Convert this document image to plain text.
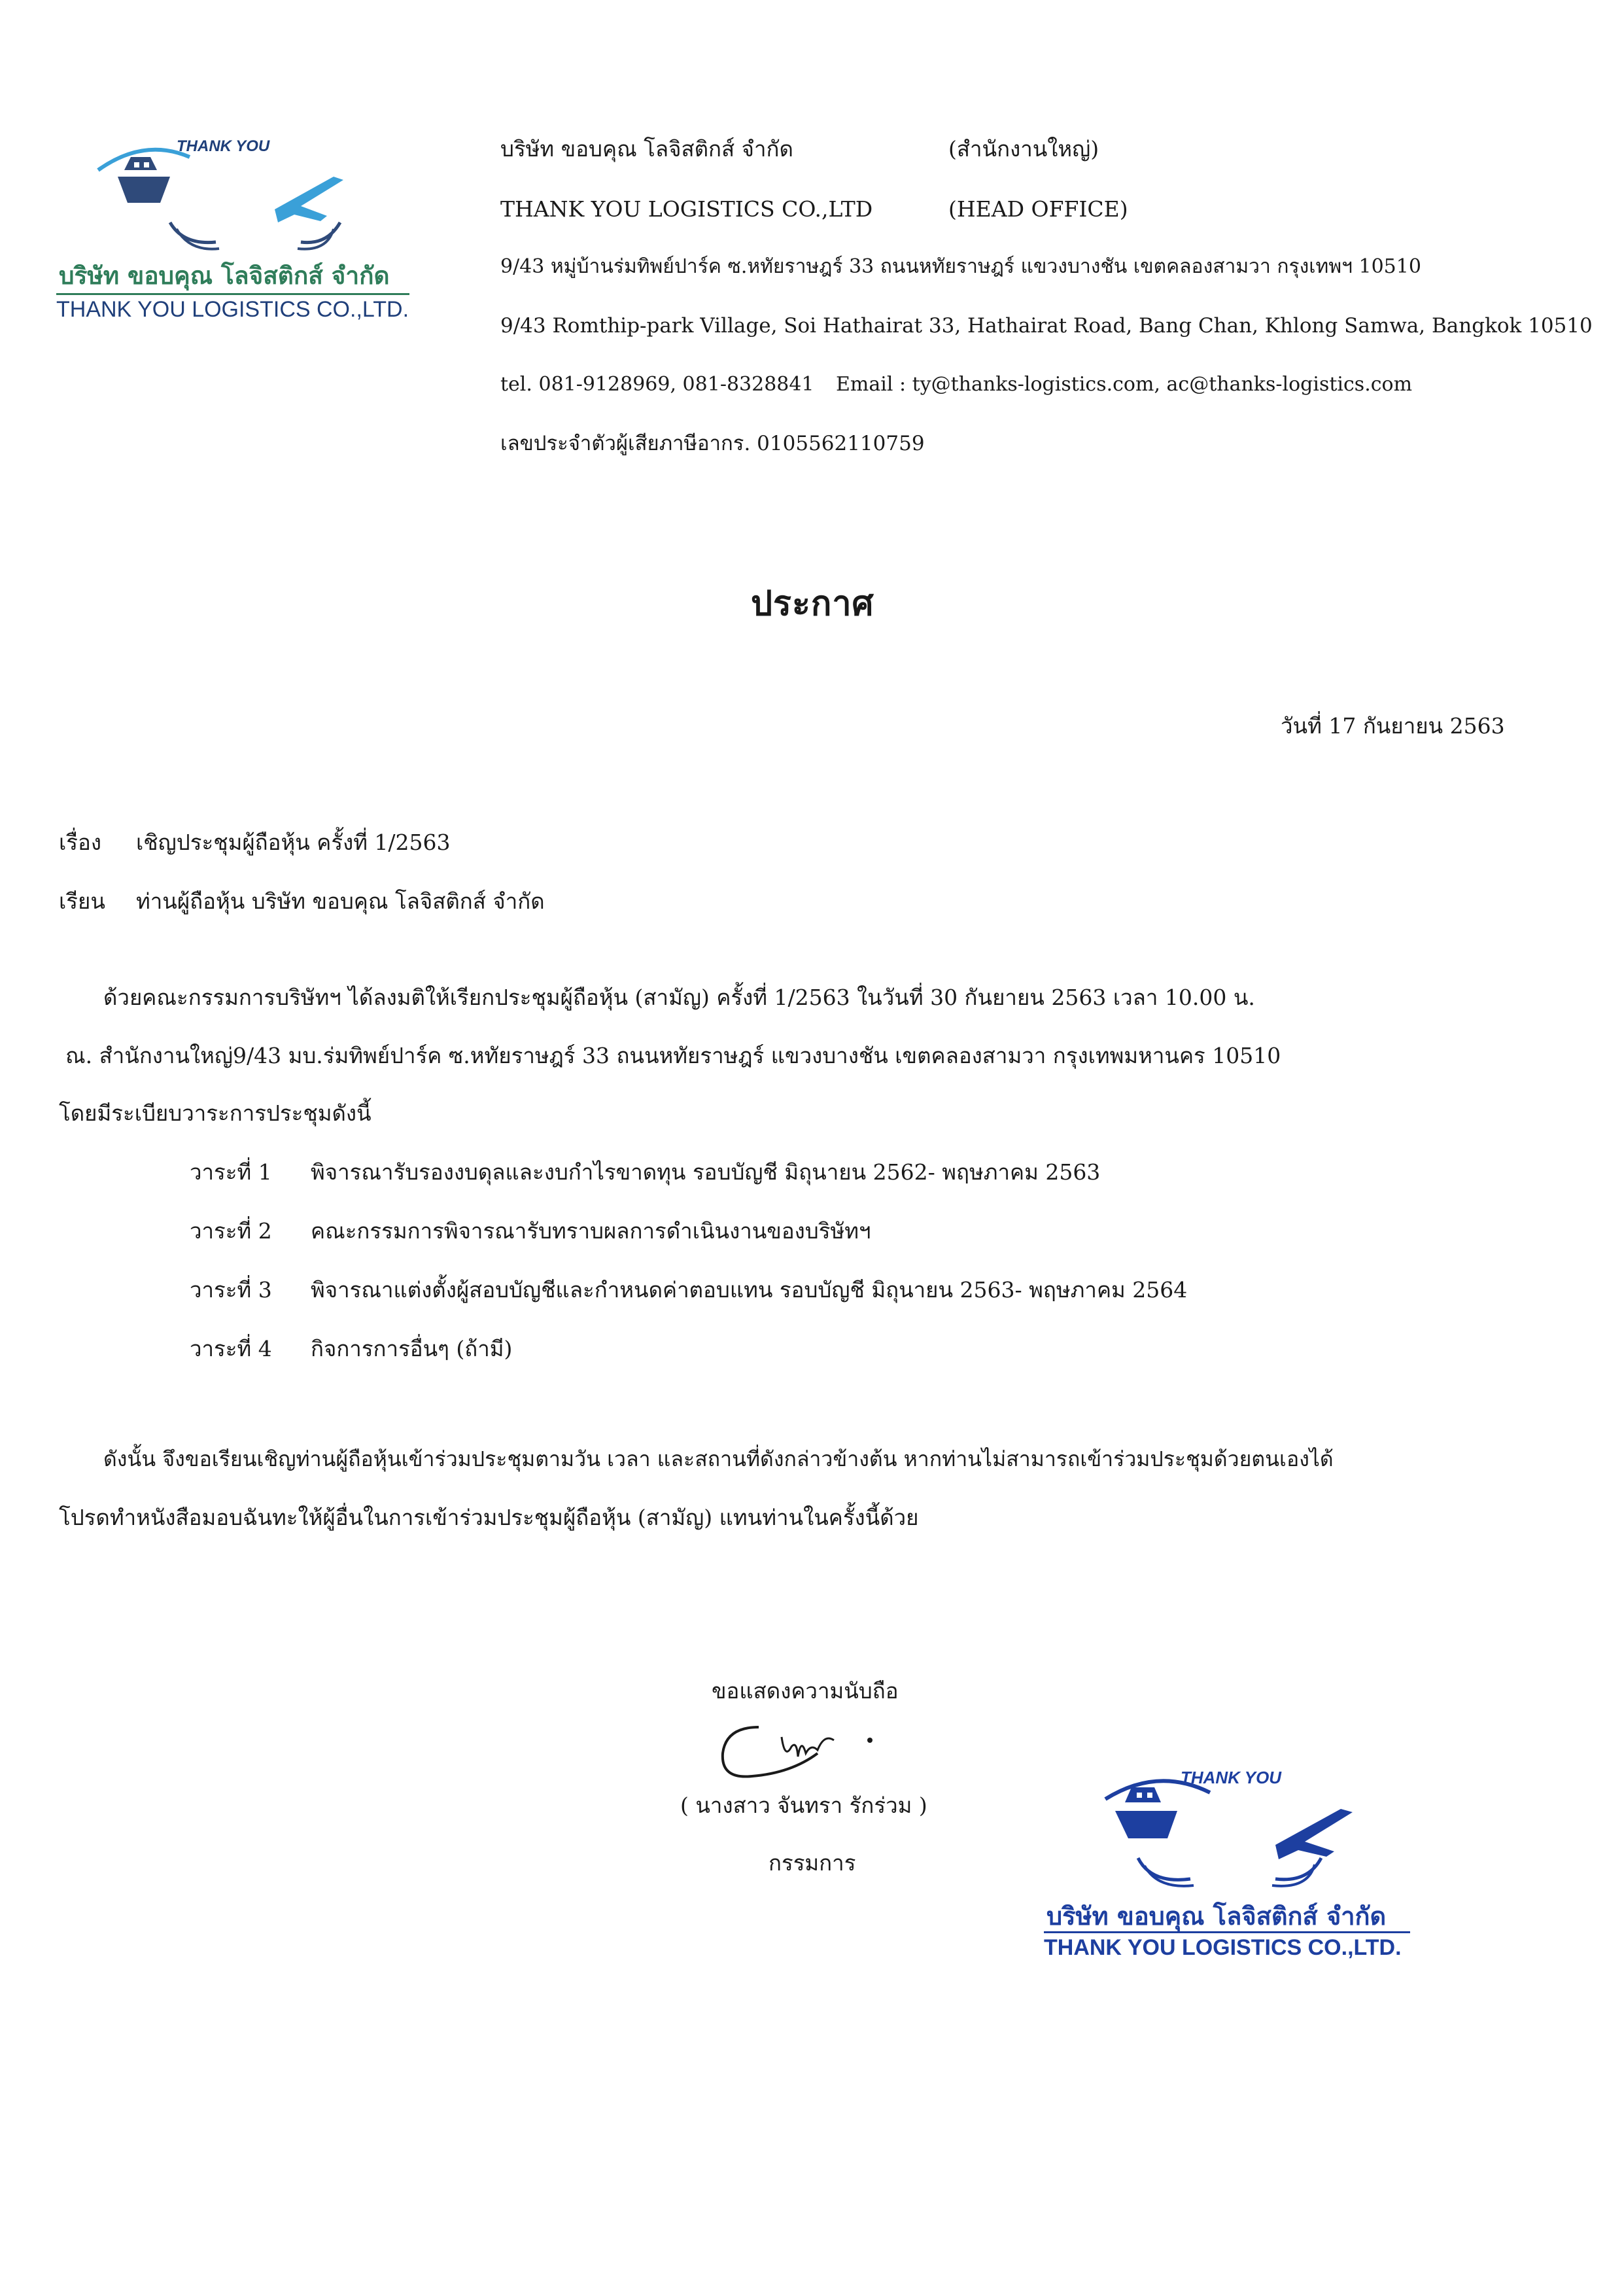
THANK YOU
บริษัท ขอบคุณ โลจิสติกส์ จำกัด
THANK YOU LOGISTICS CO.,LTD.
บริษัท ขอบคุณ โลจิสติกส์ จำกัด	(สำนักงานใหญ่)
THANK YOU LOGISTICS CO.,LTD	(HEAD OFFICE)
9/43 หมู่บ้านร่มทิพย์ปาร์ค ซ.หทัยราษฎร์ 33 ถนนหทัยราษฎร์ แขวงบางชัน เขตคลองสามวา กรุงเทพฯ 10510
9/43 Romthip-park Village, Soi Hathairat 33, Hathairat Road, Bang Chan, Khlong Samwa, Bangkok 10510
tel. 081-9128969, 081-8328841 Email : ty@thanks-logistics.com, ac@thanks-logistics.com
เลขประจำตัวผู้เสียภาษีอากร. 0105562110759
ประกาศ
วันที่ 17 กันยายน 2563
เรื่อง เชิญประชุมผู้ถือหุ้น ครั้งที่ 1/2563
เรียน ท่านผู้ถือหุ้น บริษัท ขอบคุณ โลจิสติกส์ จำกัด
ด้วยคณะกรรมการบริษัทฯ ได้ลงมติให้เรียกประชุมผู้ถือหุ้น (สามัญ) ครั้งที่ 1/2563 ในวันที่ 30 กันยายน 2563 เวลา 10.00 น.
ณ. สำนักงานใหญ่9/43 มบ.ร่มทิพย์ปาร์ค ซ.หทัยราษฎร์ 33 ถนนหทัยราษฎร์ แขวงบางชัน เขตคลองสามวา กรุงเทพมหานคร 10510
โดยมีระเบียบวาระการประชุมดังนี้
วาระที่ 1 พิจารณารับรองงบดุลและงบกำไรขาดทุน รอบบัญชี มิถุนายน 2562- พฤษภาคม 2563
วาระที่ 2 คณะกรรมการพิจารณารับทราบผลการดำเนินงานของบริษัทฯ
วาระที่ 3 พิจารณาแต่งตั้งผู้สอบบัญชีและกำหนดค่าตอบแทน รอบบัญชี มิถุนายน 2563- พฤษภาคม 2564
วาระที่ 4 กิจการการอื่นๆ (ถ้ามี)
ดังนั้น จึงขอเรียนเชิญท่านผู้ถือหุ้นเข้าร่วมประชุมตามวัน เวลา และสถานที่ดังกล่าวข้างต้น หากท่านไม่สามารถเข้าร่วมประชุมด้วยตนเองได้
โปรดทำหนังสือมอบฉันทะให้ผู้อื่นในการเข้าร่วมประชุมผู้ถือหุ้น (สามัญ) แทนท่านในครั้งนี้ด้วย
ขอแสดงความนับถือ
( นางสาว จันทรา รักร่วม )
กรรมการ
THANK YOU
บริษัท ขอบคุณ โลจิสติกส์ จำกัด
THANK YOU LOGISTICS CO.,LTD.
